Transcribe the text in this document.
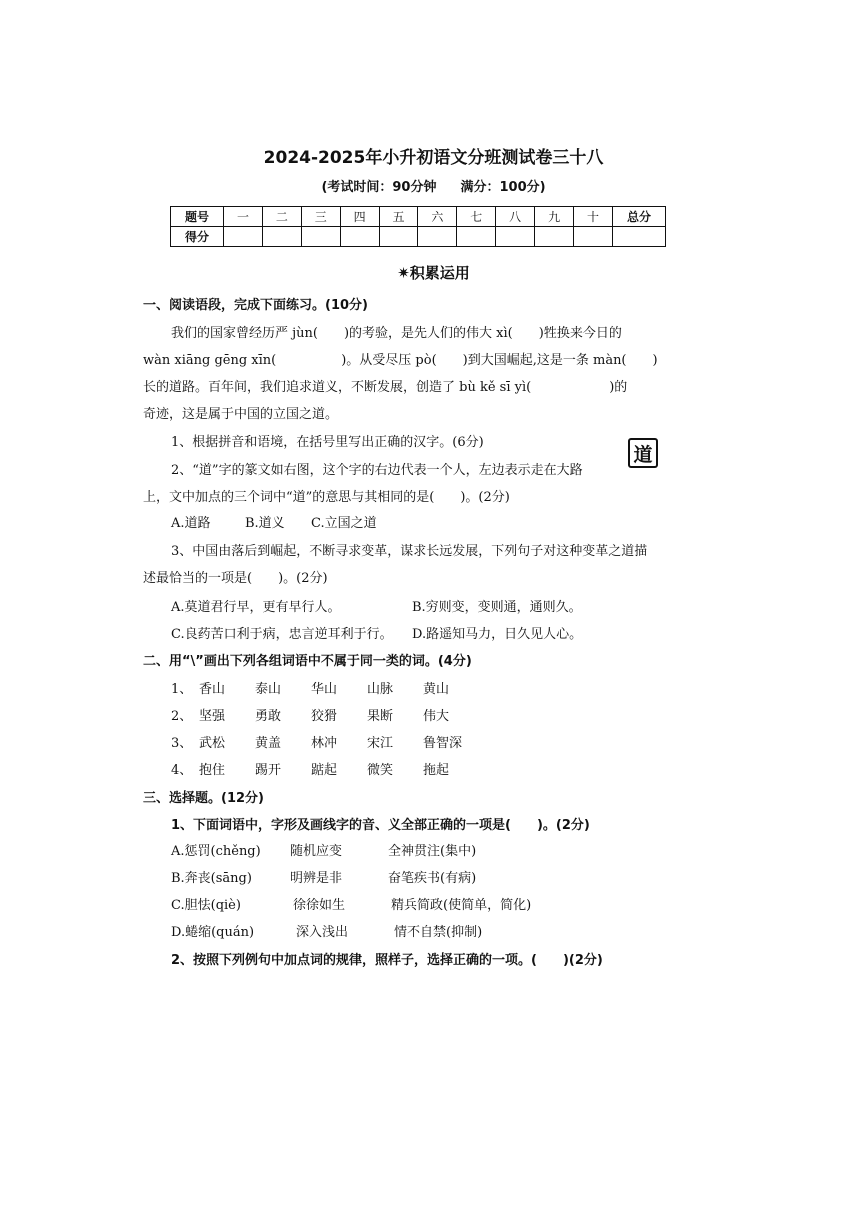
2024-2025年小升初语文分班测试卷三十八
(考试时间：90分钟 满分：100分)
题号	一	二	三	四	五	六	七	八	九	十	总分
得分											
✷积累运用
一、阅读语段，完成下面练习。(10分)
我们的国家曾经历严 jùn(　　)的考验，是先人们的伟大 xì(　　)牲换来今日的
wàn xiāng gēng xīn(　　　　　)。从受尽压 pò(　　)到大国崛起,这是一条 màn(　　)
长的道路。百年间，我们追求道义，不断发展，创造了 bù kě sī yì(　　　　　　)的
奇迹，这是属于中国的立国之道。
1、根据拼音和语境，在括号里写出正确的汉字。(6分)
道
2、“道”字的篆文如右图，这个字的右边代表一个人，左边表示走在大路
上，文中加点的三个词中“道”的意思与其相同的是(　　)。(2分)
A.道路	B.道义 C.立国之道
3、中国由落后到崛起，不断寻求变革，谋求长远发展，下列句子对这种变革之道描
述最恰当的一项是(　　)。(2分)
A.莫道君行早，更有早行人。	B.穷则变，变则通，通则久。
C.良药苦口利于病，忠言逆耳利于行。 D.路遥知马力，日久见人心。
二、用“\”画出下列各组词语中不属于同一类的词。(4分)
1、 香山 泰山 华山 山脉 黄山
2、 坚强 勇敢 狡猾 果断 伟大
3、 武松 黄盖 林冲 宋江 鲁智深
4、 抱住 踢开 踮起 微笑 拖起
三、选择题。(12分)
1、下面词语中，字形及画线字的音、义全部正确的一项是(　　)。(2分)
A.惩罚(chěng) 随机应变	全神贯注(集中)
B.奔丧(sāng)	明辨是非	奋笔疾书(有病)
C.胆怯(qiè)	徐徐如生	精兵简政(使简单，简化)
D.蜷缩(quán)	深入浅出	情不自禁(抑制)
2、按照下列例句中加点词的规律，照样子，选择正确的一项。(　　)(2分)
